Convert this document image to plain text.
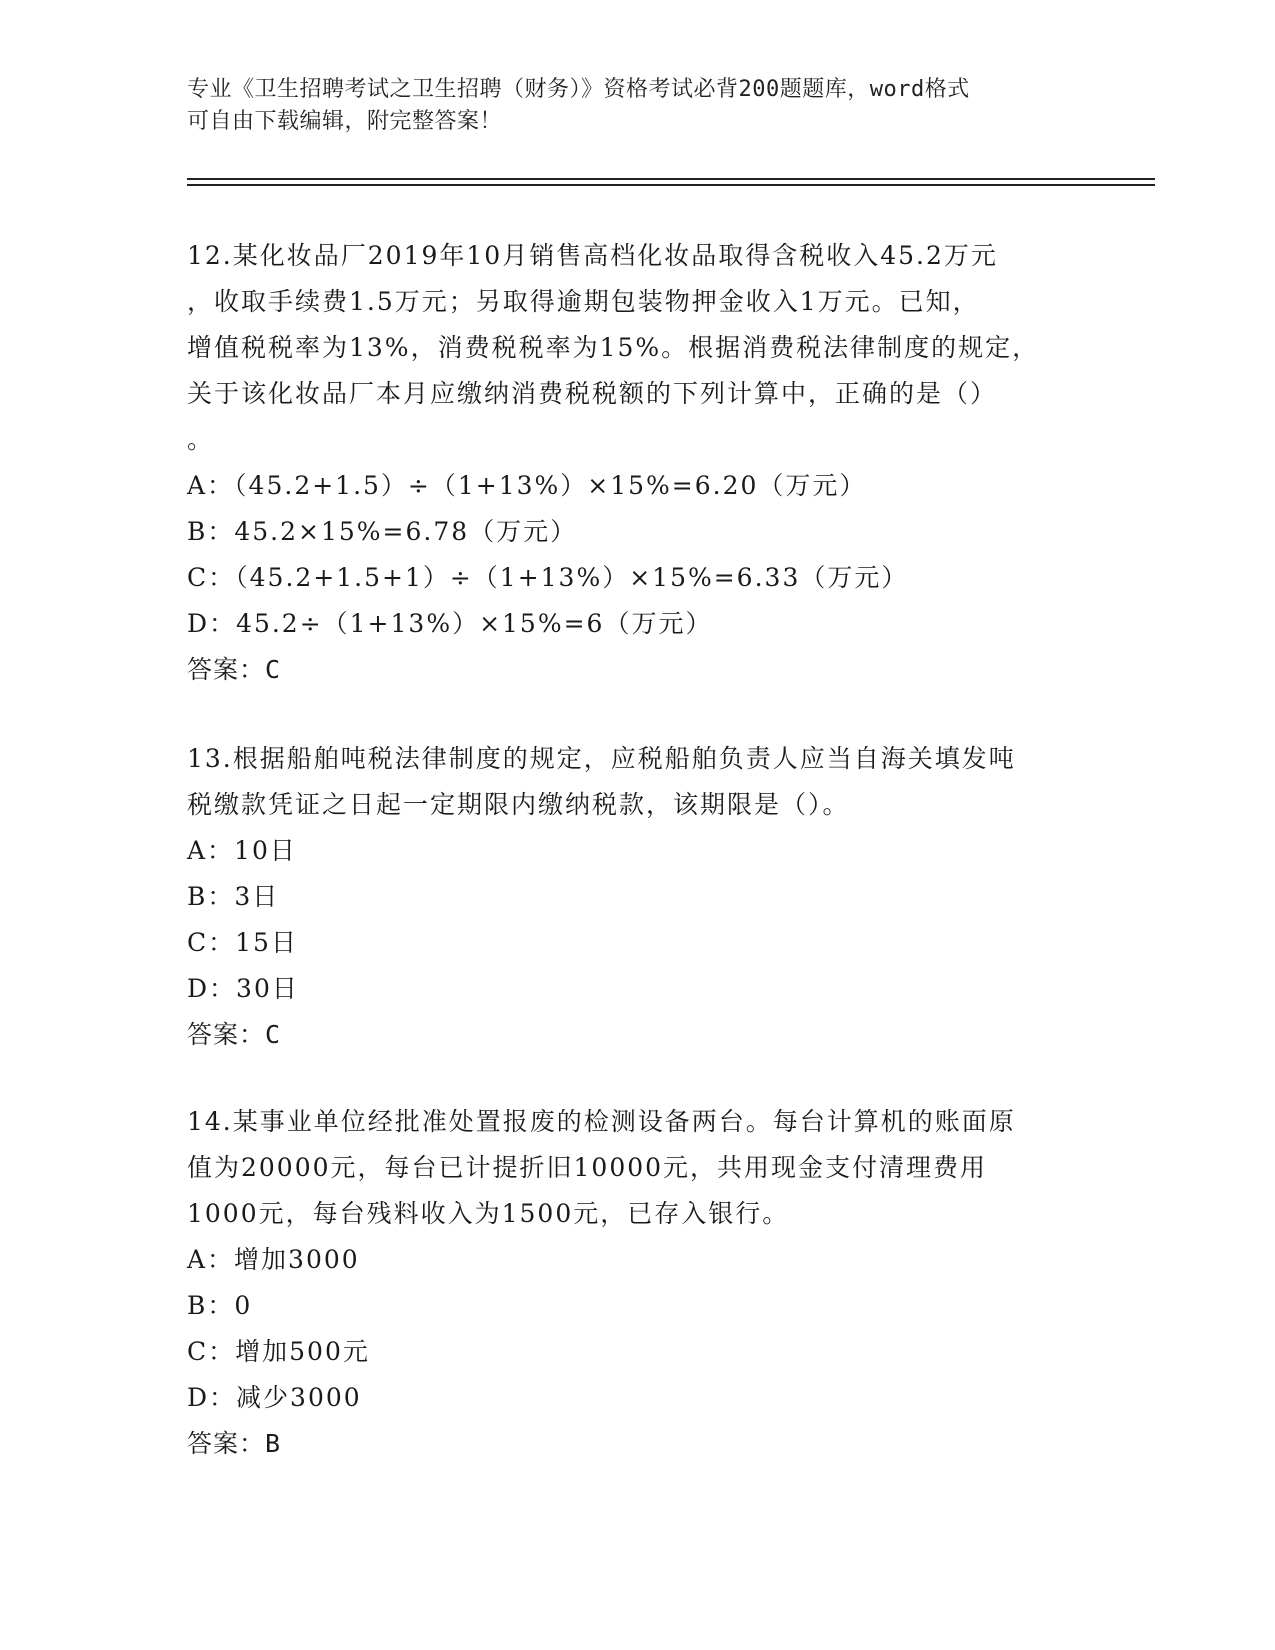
专业《卫生招聘考试之卫生招聘（财务）》资格考试必背200题题库，word格式
可自由下载编辑，附完整答案！
12.某化妆品厂2019年10月销售高档化妆品取得含税收入45.2万元
，收取手续费1.5万元；另取得逾期包装物押金收入1万元。已知，
增值税税率为13%，消费税税率为15%。根据消费税法律制度的规定，
关于该化妆品厂本月应缴纳消费税税额的下列计算中，正确的是（）
。
A：（45.2+1.5）÷（1+13%）×15%=6.20（万元）
B：45.2×15%=6.78（万元）
C：（45.2+1.5+1）÷（1+13%）×15%=6.33（万元）
D：45.2÷（1+13%）×15%=6（万元）
答案：C
13.根据船舶吨税法律制度的规定，应税船舶负责人应当自海关填发吨
税缴款凭证之日起一定期限内缴纳税款，该期限是（）。
A：10日
B：3日
C：15日
D：30日
答案：C
14.某事业单位经批准处置报废的检测设备两台。每台计算机的账面原
值为20000元，每台已计提折旧10000元，共用现金支付清理费用
1000元，每台残料收入为1500元，已存入银行。
A：增加3000
B：0
C：增加500元
D：减少3000
答案：B
